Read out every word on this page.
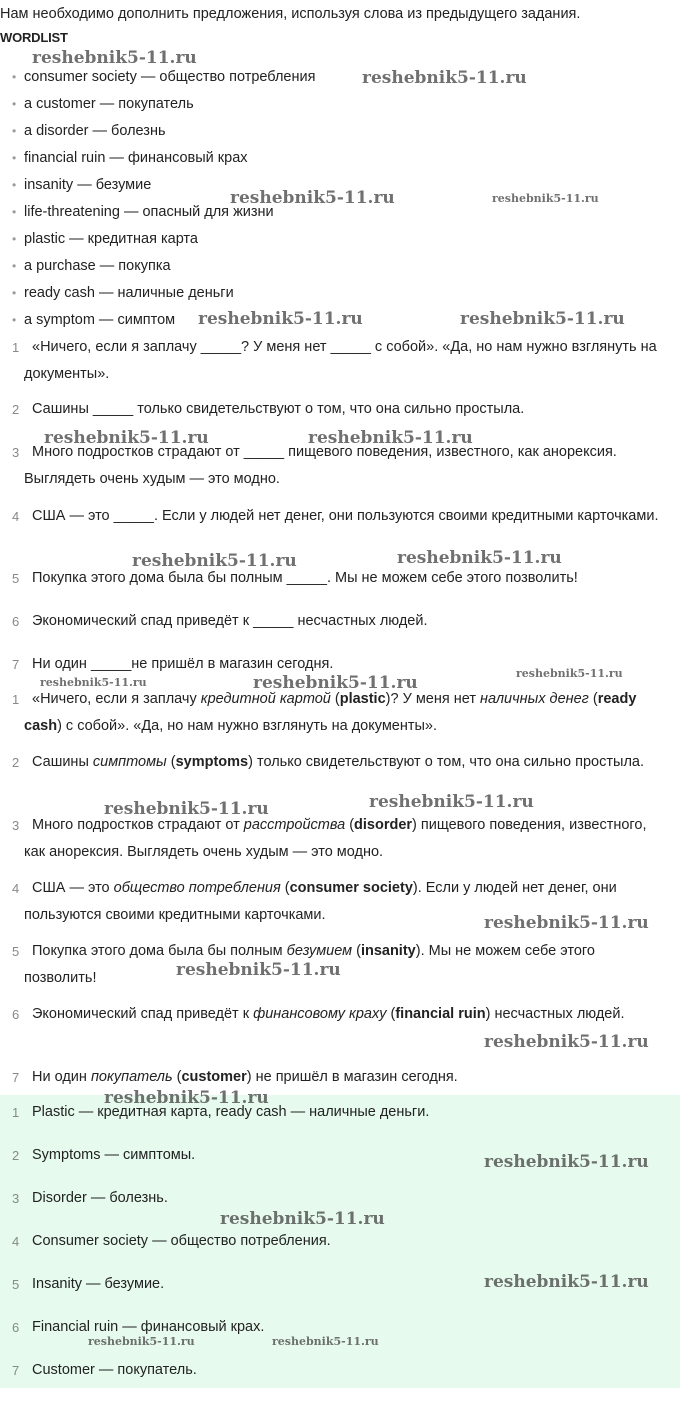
Нам необходимо дополнить предложения, используя слова из предыдущего задания.
WORDLIST
• consumer society — общество потребления
• a customer — покупатель
• a disorder — болезнь
• financial ruin — финансовый крах
• insanity — безумие
• life-threatening — опасный для жизни
• plastic — кредитная карта
• a purchase — покупка
• ready cash — наличные деньги
• a symptom — симптом
1 «Ничего, если я заплачу _____? У меня нет _____ с собой». «Да, но нам нужно взглянуть на документы».
2 Сашины _____ только свидетельствуют о том, что она сильно простыла.
3 Много подростков страдают от _____ пищевого поведения, известного, как анорексия. Выглядеть очень худым — это модно.
4 США — это _____. Если у людей нет денег, они пользуются своими кредитными карточками.
5 Покупка этого дома была бы полным _____. Мы не можем себе этого позволить!
6 Экономический спад приведёт к _____ несчастных людей.
7 Ни один _____не пришёл в магазин сегодня.
1 «Ничего, если я заплачу кредитной картой (plastic)? У меня нет наличных денег (ready cash) с собой». «Да, но нам нужно взглянуть на документы».
2 Сашины симптомы (symptoms) только свидетельствуют о том, что она сильно простыла.
3 Много подростков страдают от расстройства (disorder) пищевого поведения, известного, как анорексия. Выглядеть очень худым — это модно.
4 США — это общество потребления (consumer society). Если у людей нет денег, они пользуются своими кредитными карточками.
5 Покупка этого дома была бы полным безумием (insanity). Мы не можем себе этого позволить!
6 Экономический спад приведёт к финансовому краху (financial ruin) несчастных людей.
7 Ни один покупатель (customer) не пришёл в магазин сегодня.
1 Plastic — кредитная карта, ready cash — наличные деньги.
2 Symptoms — симптомы.
3 Disorder — болезнь.
4 Consumer society — общество потребления.
5 Insanity — безумие.
6 Financial ruin — финансовый крах.
7 Customer — покупатель.
reshebnik5-11.ru
reshebnik5-11.ru
reshebnik5-11.ru	reshebnik5-11.ru
reshebnik5-11.ru	reshebnik5-11.ru
reshebnik5-11.ru	reshebnik5-11.ru
reshebnik5-11.ru	reshebnik5-11.ru
reshebnik5-11.ru	reshebnik5-11.ru	reshebnik5-11.ru
reshebnik5-11.ru	reshebnik5-11.ru
reshebnik5-11.ru
reshebnik5-11.ru
reshebnik5-11.ru
reshebnik5-11.ru
reshebnik5-11.ru
reshebnik5-11.ru
reshebnik5-11.ru
reshebnik5-11.ru	reshebnik5-11.ru
